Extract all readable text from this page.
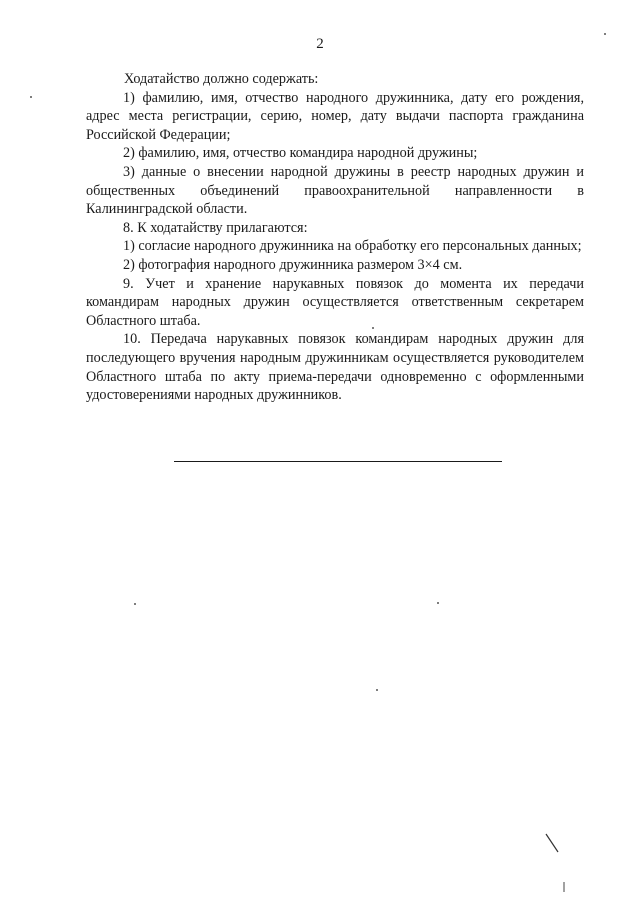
2

Ходатайство должно содержать:

1) фамилию, имя, отчество народного дружинника, дату его рождения, адрес места регистрации, серию, номер, дату выдачи паспорта гражданина Российской Федерации;

2) фамилию, имя, отчество командира народной дружины;

3) данные о внесении народной дружины в реестр народных дружин и общественных объединений правоохранительной направленности в Калининградской области.

8. К ходатайству прилагаются:

1) согласие народного дружинника на обработку его персональных данных;

2) фотография народного дружинника размером 3×4 см.

9. Учет и хранение нарукавных повязок до момента их передачи командирам народных дружин осуществляется ответственным секретарем Областного штаба.

10. Передача нарукавных повязок командирам народных дружин для последующего вручения народным дружинникам осуществляется руководителем Областного штаба по акту приема-передачи одновременно с оформленными удостоверениями народных дружинников.
